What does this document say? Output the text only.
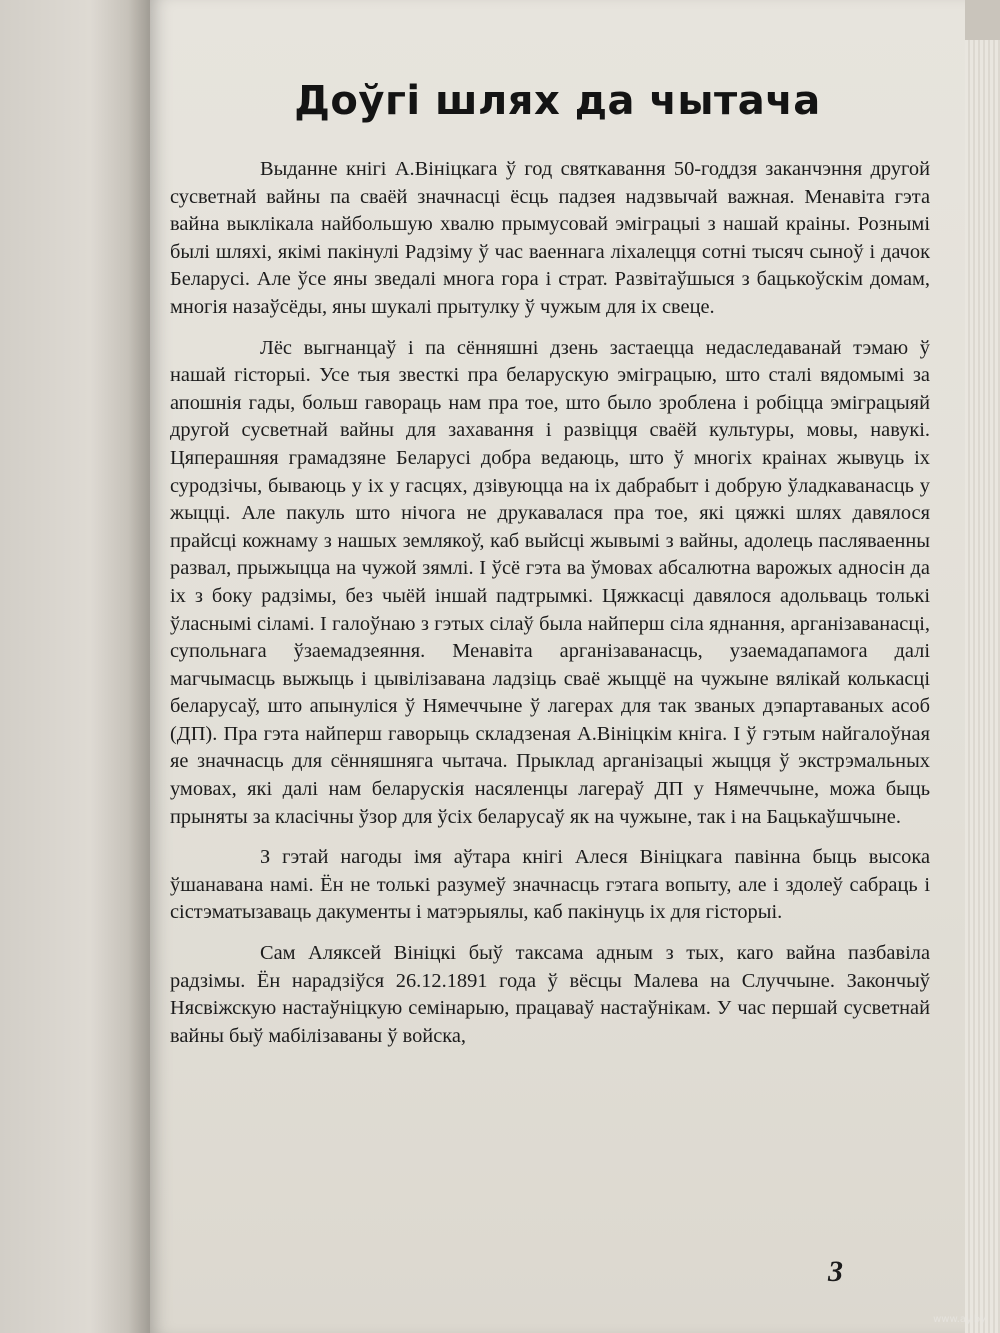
Доўгі шлях да чытача

Выданне кнігі А.Вініцкага ў год святкавання 50-годдзя заканчэння другой сусветнай вайны па сваёй значнасці ёсць падзея надзвычай важная. Менавіта гэта вайна выклікала найбольшую хвалю прымусовай эміграцыі з нашай краіны. Рознымі былі шляхі, якімі пакінулі Радзіму ў час ваеннага ліхалецця сотні тысяч сыноў і дачок Беларусі. Але ўсе яны зведалі многа гора і страт. Развітаўшыся з бацькоўскім домам, многія назаўсёды, яны шукалі прытулку ў чужым для іх свеце.

Лёс выгнанцаў і па сённяшні дзень застаецца недаследаванай тэмаю ў нашай гісторыі. Усе тыя звесткі пра беларускую эміграцыю, што сталі вядомымі за апошнія гады, больш гавораць нам пра тое, што было зроблена і робіцца эміграцыяй другой сусветнай вайны для захавання і развіцця сваёй культуры, мовы, навукі. Цяперашняя грамадзяне Беларусі добра ведаюць, што ў многіх краінах жывуць іх суродзічы, бываюць у іх у гасцях, дзівуюцца на іх дабрабыт і добрую ўладкаванасць у жыцці. Але пакуль што нічога не друкавалася пра тое, які цяжкі шлях давялося прайсці кожнаму з нашых землякоў, каб выйсці жывымі з вайны, адолець пасляваенны развал, прыжыцца на чужой зямлі. І ўсё гэта ва ўмовах абсалютна варожых адносін да іх з боку радзімы, без чыёй іншай падтрымкі. Цяжкасці давялося адольваць толькі ўласнымі сіламі. І галоўнаю з гэтых сілаў была найперш сіла яднання, арганізаванасці, супольнага ўзаемадзеяння. Менавіта арганізаванасць, узаемадапамога далі магчымасць выжыць і цывілізавана ладзіць сваё жыццё на чужыне вялікай колькасці беларусаў, што апынуліся ў Нямеччыне ў лагерах для так званых дэпартаваных асоб (ДП). Пра гэта найперш гаворыць складзеная А.Вініцкім кніга. І ў гэтым найгалоўная яе значнасць для сённяшняга чытача. Прыклад арганізацыі жыцця ў экстрэмальных умовах, які далі нам беларускія насяленцы лагераў ДП у Нямеччыне, можа быць прыняты за класічны ўзор для ўсіх беларусаў як на чужыне, так і на Бацькаўшчыне.

З гэтай нагоды імя аўтара кнігі Алеся Вініцкага павінна быць высока ўшанавана намі. Ён не толькі разумеў значнасць гэтага вопыту, але і здолеў сабраць і сістэматызаваць дакументы і матэрыялы, каб пакінуць іх для гісторыі.

Сам Аляксей Вініцкі быў таксама адным з тых, каго вайна пазбавіла радзімы. Ён нарадзіўся 26.12.1891 года ў вёсцы Малева на Случчыне. Закончыў Нясвіжскую настаўніцкую семінарыю, працаваў настаўнікам. У час першай сусветнай вайны быў мабілізаваны ў войска,

3
www.ay.by
